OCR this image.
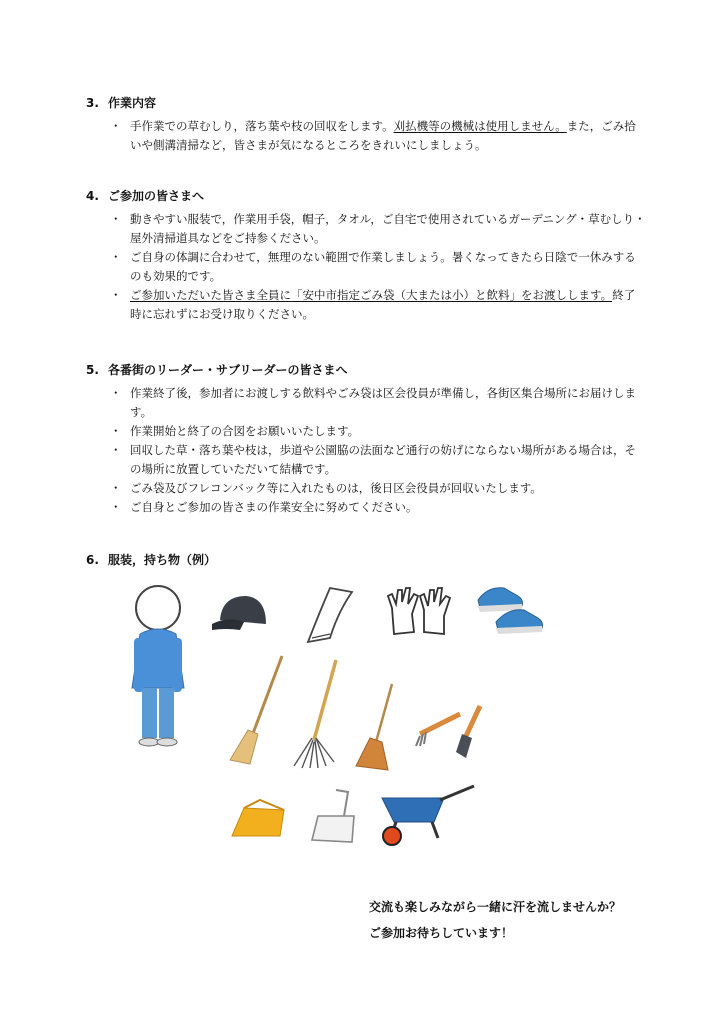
3. 作業内容
・ 手作業での草むしり，落ち葉や枝の回収をします。刈払機等の機械は使用しません。また，ごみ拾いや側溝清掃など，皆さまが気になるところをきれいにしましょう。
4. ご参加の皆さまへ
・ 動きやすい服装で，作業用手袋，帽子，タオル，ご自宅で使用されているガーデニング・草むしり・屋外清掃道具などをご持参ください。
・ ご自身の体調に合わせて，無理のない範囲で作業しましょう。暑くなってきたら日陰で一休みするのも効果的です。
・ ご参加いただいた皆さま全員に「安中市指定ごみ袋（大または小）と飲料」をお渡しします。終了時に忘れずにお受け取りください。
5. 各番街のリーダー・サブリーダーの皆さまへ
・ 作業終了後，参加者にお渡しする飲料やごみ袋は区会役員が準備し，各街区集合場所にお届けします。
・ 作業開始と終了の合図をお願いいたします。
・ 回収した草・落ち葉や枝は，歩道や公園脇の法面など通行の妨げにならない場所がある場合は，その場所に放置していただいて結構です。
・ ごみ袋及びフレコンバック等に入れたものは，後日区会役員が回収いたします。
・ ご自身とご参加の皆さまの作業安全に努めてください。
6. 服装，持ち物（例）
交流も楽しみながら一緒に汗を流しませんか？
ご参加お待ちしています！
